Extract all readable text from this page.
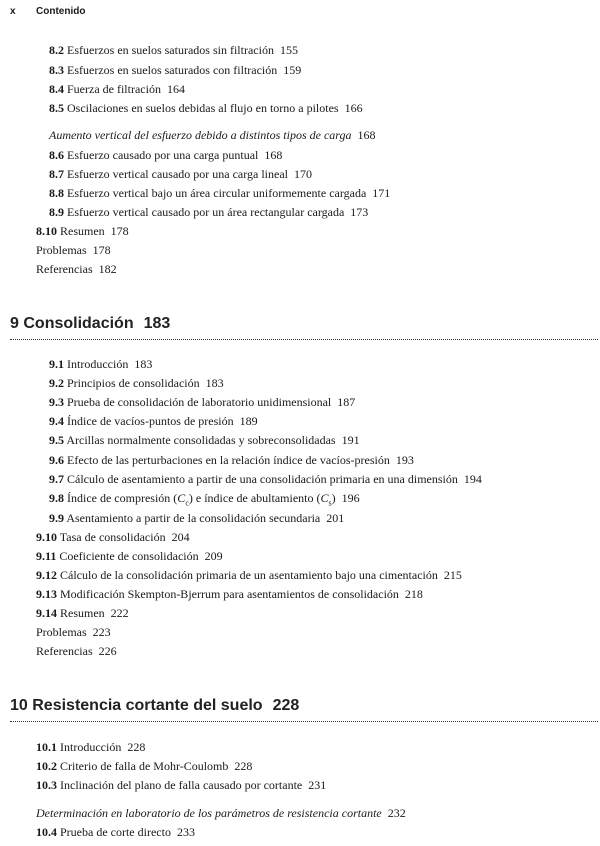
x Contenido
8.2 Esfuerzos en suelos saturados sin filtración 155
8.3 Esfuerzos en suelos saturados con filtración 159
8.4 Fuerza de filtración 164
8.5 Oscilaciones en suelos debidas al flujo en torno a pilotes 166
Aumento vertical del esfuerzo debido a distintos tipos de carga 168
8.6 Esfuerzo causado por una carga puntual 168
8.7 Esfuerzo vertical causado por una carga lineal 170
8.8 Esfuerzo vertical bajo un área circular uniformemente cargada 171
8.9 Esfuerzo vertical causado por un área rectangular cargada 173
8.10 Resumen 178
Problemas 178
Referencias 182
9 Consolidación 183
9.1 Introducción 183
9.2 Principios de consolidación 183
9.3 Prueba de consolidación de laboratorio unidimensional 187
9.4 Índice de vacíos-puntos de presión 189
9.5 Arcillas normalmente consolidadas y sobreconsolidadas 191
9.6 Efecto de las perturbaciones en la relación índice de vacíos-presión 193
9.7 Cálculo de asentamiento a partir de una consolidación primaria en una dimensión 194
9.8 Índice de compresión $(C_c)$ e índice de abultamiento $(C_s)$ 196
9.9 Asentamiento a partir de la consolidación secundaria 201
9.10 Tasa de consolidación 204
9.11 Coeficiente de consolidación 209
9.12 Cálculo de la consolidación primaria de un asentamiento bajo una cimentación 215
9.13 Modificación Skempton-Bjerrum para asentamientos de consolidación 218
9.14 Resumen 222
Problemas 223
Referencias 226
10 Resistencia cortante del suelo 228
10.1 Introducción 228
10.2 Criterio de falla de Mohr-Coulomb 228
10.3 Inclinación del plano de falla causado por cortante 231
Determinación en laboratorio de los parámetros de resistencia cortante 232
10.4 Prueba de corte directo 233
